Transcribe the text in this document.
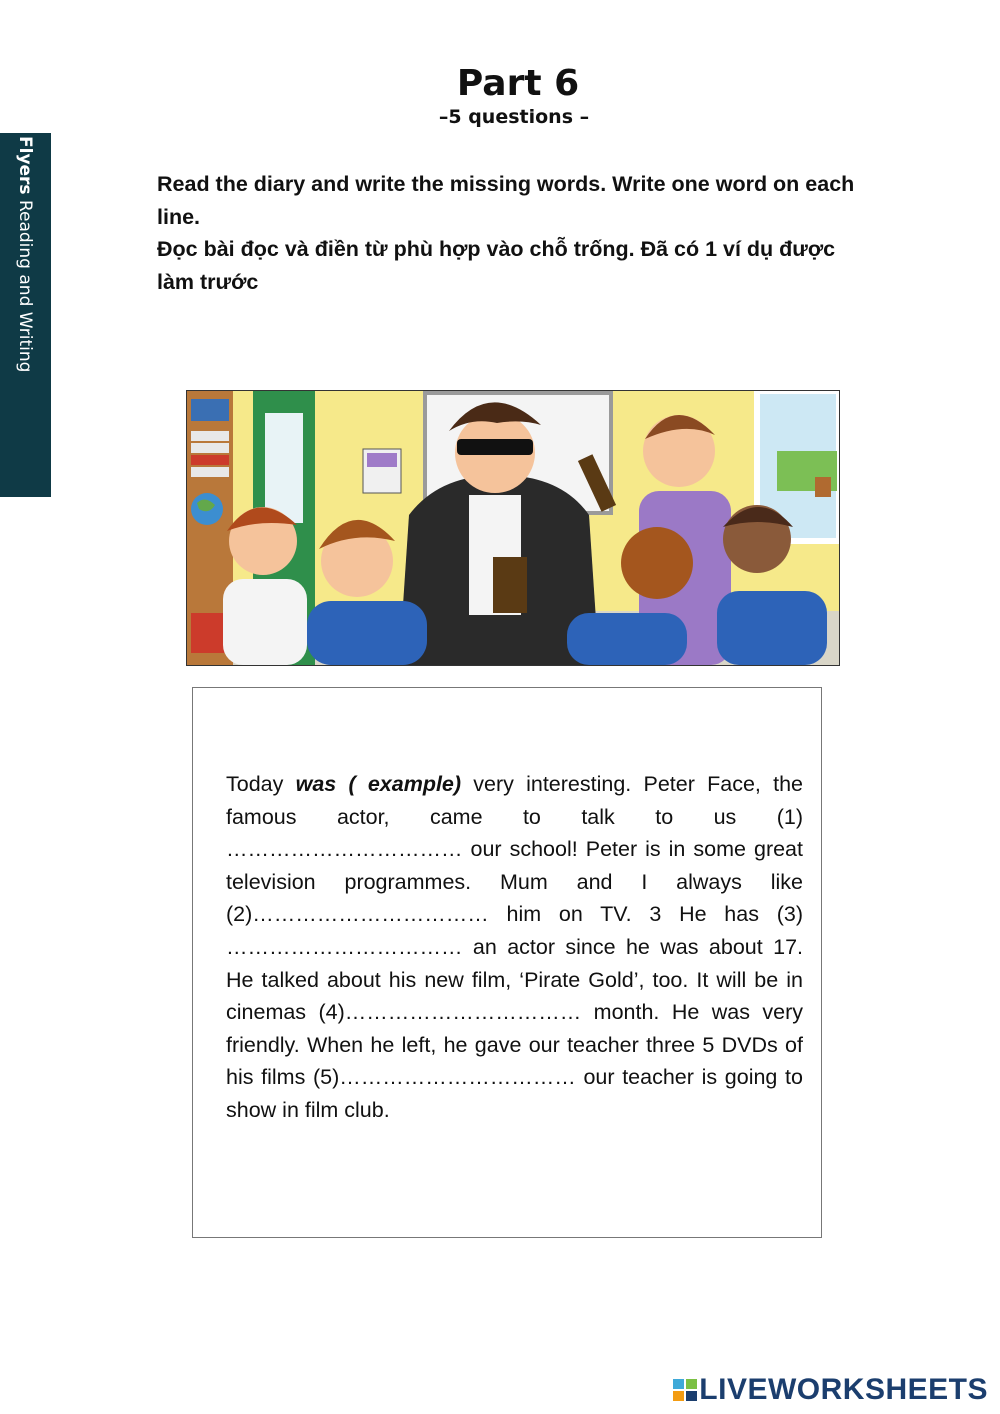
Flyers Reading and Writing
Part 6
–5 questions –

Read the diary and write the missing words. Write one word on each line.

Đọc bài đọc và điền từ phù hợp vào chỗ trống. Đã có 1 ví dụ được làm trước

Today was ( example) very interesting. Peter Face, the famous actor, came to talk to us (1) …………………………… our school! Peter is in some great television programmes. Mum and I always like (2)…………………………… him on TV. 3 He has (3) …………………………… an actor since he was about 17. He talked about his new film, ‘Pirate Gold’, too. It will be in cinemas (4)…………………………… month. He was very friendly. When he left, he gave our teacher three 5 DVDs of his films (5)…………………………… our teacher is going to show in film club.
LIVEWORKSHEETS
